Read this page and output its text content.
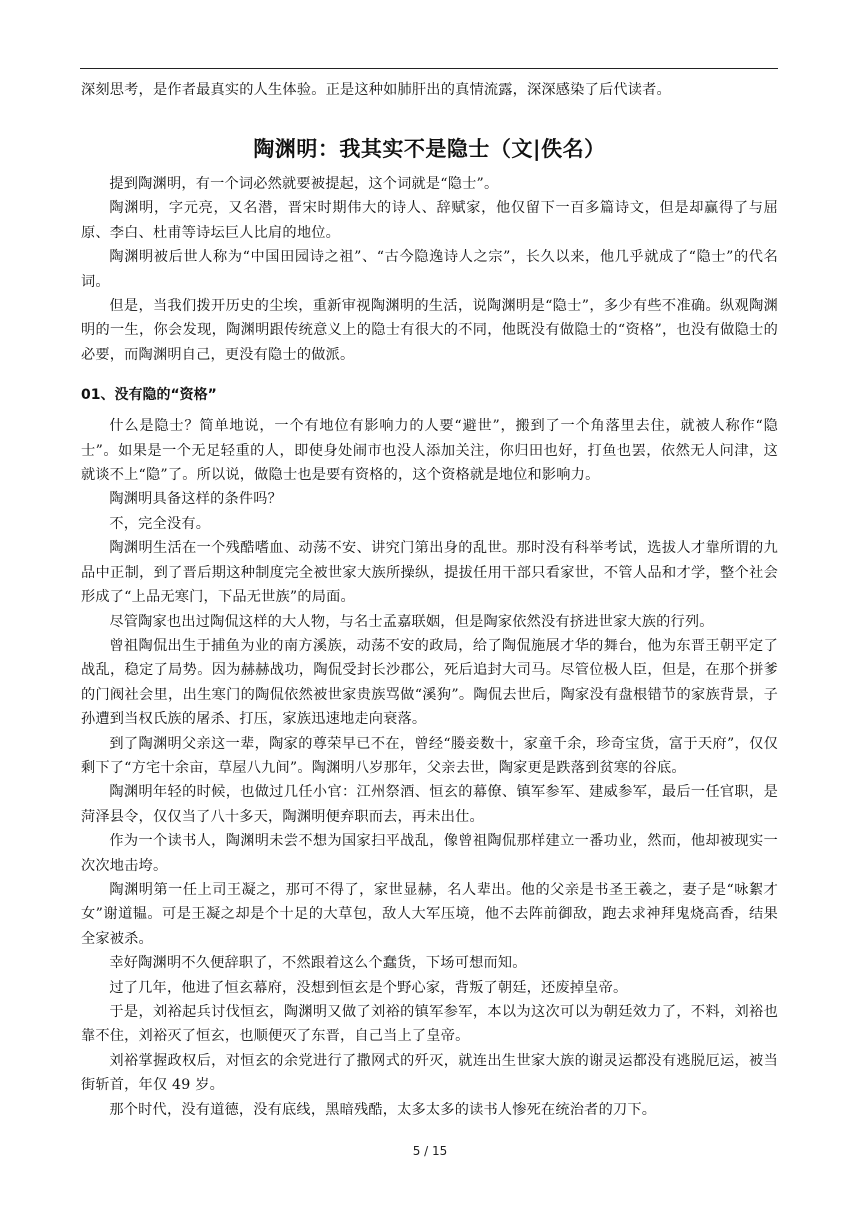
深刻思考，是作者最真实的人生体验。正是这种如肺肝出的真情流露，深深感染了后代读者。

陶渊明：我其实不是隐士（文|佚名）

提到陶渊明，有一个词必然就要被提起，这个词就是“隐士”。

陶渊明，字元亮，又名潜，晋宋时期伟大的诗人、辞赋家，他仅留下一百多篇诗文，但是却赢得了与屈原、李白、杜甫等诗坛巨人比肩的地位。

陶渊明被后世人称为“中国田园诗之祖”、“古今隐逸诗人之宗”，长久以来，他几乎就成了“隐士”的代名词。

但是，当我们拨开历史的尘埃，重新审视陶渊明的生活，说陶渊明是“隐士”，多少有些不准确。纵观陶渊明的一生，你会发现，陶渊明跟传统意义上的隐士有很大的不同，他既没有做隐士的“资格”，也没有做隐士的必要，而陶渊明自己，更没有隐士的做派。

01、没有隐的“资格”

什么是隐士？简单地说，一个有地位有影响力的人要“避世”，搬到了一个角落里去住，就被人称作“隐士”。如果是一个无足轻重的人，即使身处闹市也没人添加关注，你归田也好，打鱼也罢，依然无人问津，这就谈不上“隐”了。所以说，做隐士也是要有资格的，这个资格就是地位和影响力。

陶渊明具备这样的条件吗？

不，完全没有。

陶渊明生活在一个残酷嗜血、动荡不安、讲究门第出身的乱世。那时没有科举考试，选拔人才靠所谓的九品中正制，到了晋后期这种制度完全被世家大族所操纵，提拔任用干部只看家世，不管人品和才学，整个社会形成了“上品无寒门，下品无世族”的局面。

尽管陶家也出过陶侃这样的大人物，与名士孟嘉联姻，但是陶家依然没有挤进世家大族的行列。

曾祖陶侃出生于捕鱼为业的南方溪族，动荡不安的政局，给了陶侃施展才华的舞台，他为东晋王朝平定了战乱，稳定了局势。因为赫赫战功，陶侃受封长沙郡公，死后追封大司马。尽管位极人臣，但是，在那个拼爹的门阀社会里，出生寒门的陶侃依然被世家贵族骂做“溪狗”。陶侃去世后，陶家没有盘根错节的家族背景，子孙遭到当权氏族的屠杀、打压，家族迅速地走向衰落。

到了陶渊明父亲这一辈，陶家的尊荣早已不在，曾经“媵妾数十，家童千余，珍奇宝货，富于天府”，仅仅剩下了“方宅十余亩，草屋八九间”。陶渊明八岁那年，父亲去世，陶家更是跌落到贫寒的谷底。

陶渊明年轻的时候，也做过几任小官：江州祭酒、恒玄的幕僚、镇军参军、建威参军，最后一任官职，是菏泽县令，仅仅当了八十多天，陶渊明便弃职而去，再未出仕。

作为一个读书人，陶渊明未尝不想为国家扫平战乱，像曾祖陶侃那样建立一番功业，然而，他却被现实一次次地击垮。

陶渊明第一任上司王凝之，那可不得了，家世显赫，名人辈出。他的父亲是书圣王羲之，妻子是“咏絮才女”谢道韫。可是王凝之却是个十足的大草包，敌人大军压境，他不去阵前御敌，跑去求神拜鬼烧高香，结果全家被杀。

幸好陶渊明不久便辞职了，不然跟着这么个蠢货，下场可想而知。

过了几年，他进了恒玄幕府，没想到恒玄是个野心家，背叛了朝廷，还废掉皇帝。

于是，刘裕起兵讨伐恒玄，陶渊明又做了刘裕的镇军参军，本以为这次可以为朝廷效力了，不料，刘裕也靠不住，刘裕灭了恒玄，也顺便灭了东晋，自己当上了皇帝。

刘裕掌握政权后，对恒玄的余党进行了撒网式的歼灭，就连出生世家大族的谢灵运都没有逃脱厄运，被当街斩首，年仅 49 岁。

那个时代，没有道德，没有底线，黑暗残酷，太多太多的读书人惨死在统治者的刀下。

5 / 15
